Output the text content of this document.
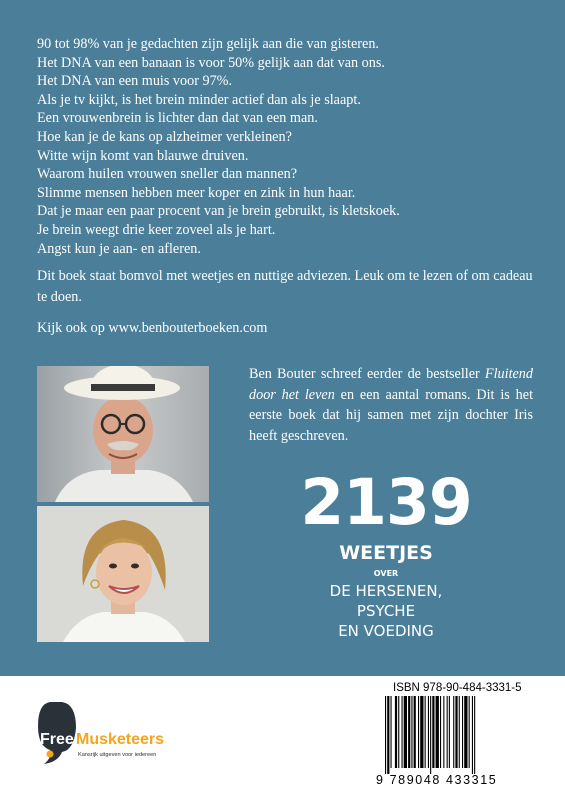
90 tot 98% van je gedachten zijn gelijk aan die van gisteren.
Het DNA van een banaan is voor 50% gelijk aan dat van ons.
Het DNA van een muis voor 97%.
Als je tv kijkt, is het brein minder actief dan als je slaapt.
Een vrouwenbrein is lichter dan dat van een man.
Hoe kan je de kans op alzheimer verkleinen?
Witte wijn komt van blauwe druiven.
Waarom huilen vrouwen sneller dan mannen?
Slimme mensen hebben meer koper en zink in hun haar.
Dat je maar een paar procent van je brein gebruikt, is kletskoek.
Je brein weegt drie keer zoveel als je hart.
Angst kun je aan- en afleren.

Dit boek staat bomvol met weetjes en nuttige adviezen. Leuk om te lezen of om cadeau te doen.

Kijk ook op www.benbouterboeken.com

Ben Bouter schreef eerder de bestseller Fluitend door het leven en een aantal romans. Dit is het eerste boek dat hij samen met zijn dochter Iris heeft geschreven.

2139
WEETJES
OVER
DE HERSENEN,
PSYCHE
EN VOEDING
Free Musketeers
Kansrijk uitgeven voor iedereen
ISBN 978-90-484-3331-5
9 789048 433315
